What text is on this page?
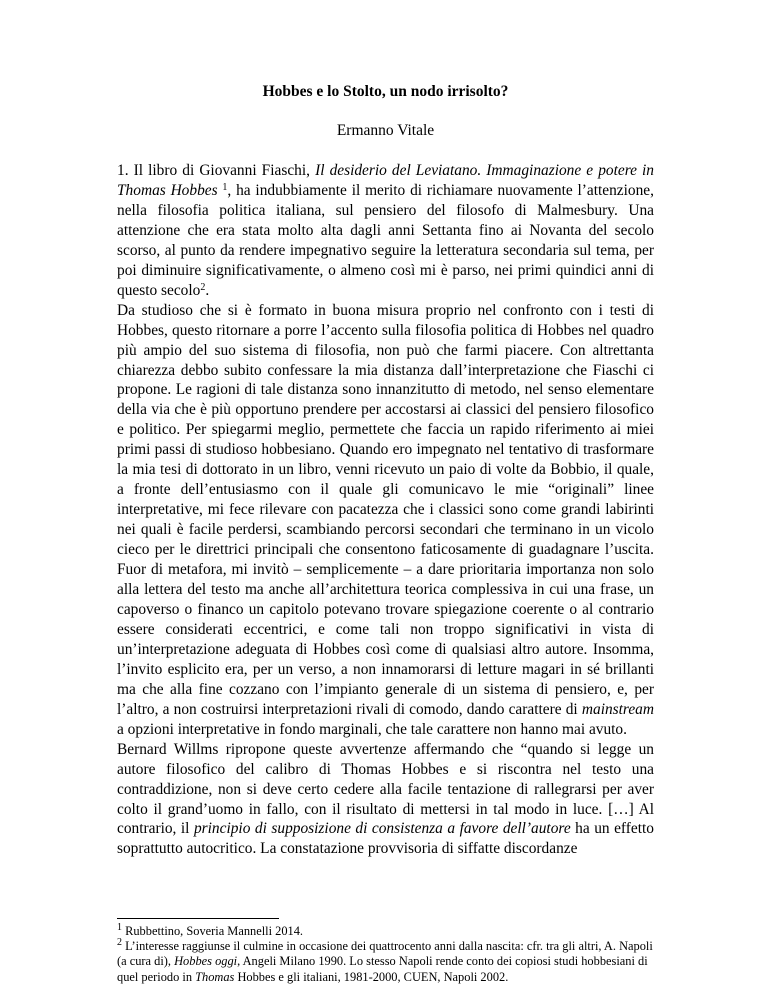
Hobbes e lo Stolto, un nodo irrisolto?
Ermanno Vitale

1. Il libro di Giovanni Fiaschi, Il desiderio del Leviatano. Immaginazione e potere in Thomas Hobbes $^1$, ha indubbiamente il merito di richiamare nuovamente l’attenzione, nella filosofia politica italiana, sul pensiero del filosofo di Malmesbury. Una attenzione che era stata molto alta dagli anni Settanta fino ai Novanta del secolo scorso, al punto da rendere impegnativo seguire la letteratura secondaria sul tema, per poi diminuire significativamente, o almeno così mi è parso, nei primi quindici anni di questo secolo$^2$.

Da studioso che si è formato in buona misura proprio nel confronto con i testi di Hobbes, questo ritornare a porre l’accento sulla filosofia politica di Hobbes nel quadro più ampio del suo sistema di filosofia, non può che farmi piacere. Con altrettanta chiarezza debbo subito confessare la mia distanza dall’interpretazione che Fiaschi ci propone. Le ragioni di tale distanza sono innanzitutto di metodo, nel senso elementare della via che è più opportuno prendere per accostarsi ai classici del pensiero filosofico e politico. Per spiegarmi meglio, permettete che faccia un rapido riferimento ai miei primi passi di studioso hobbesiano. Quando ero impegnato nel tentativo di trasformare la mia tesi di dottorato in un libro, venni ricevuto un paio di volte da Bobbio, il quale, a fronte dell’entusiasmo con il quale gli comunicavo le mie “originali” linee interpretative, mi fece rilevare con pacatezza che i classici sono come grandi labirinti nei quali è facile perdersi, scambiando percorsi secondari che terminano in un vicolo cieco per le direttrici principali che consentono faticosamente di guadagnare l’uscita. Fuor di metafora, mi invitò – semplicemente – a dare prioritaria importanza non solo alla lettera del testo ma anche all’architettura teorica complessiva in cui una frase, un capoverso o financo un capitolo potevano trovare spiegazione coerente o al contrario essere considerati eccentrici, e come tali non troppo significativi in vista di un’interpretazione adeguata di Hobbes così come di qualsiasi altro autore. Insomma, l’invito esplicito era, per un verso, a non innamorarsi di letture magari in sé brillanti ma che alla fine cozzano con l’impianto generale di un sistema di pensiero, e, per l’altro, a non costruirsi interpretazioni rivali di comodo, dando carattere di mainstream a opzioni interpretative in fondo marginali, che tale carattere non hanno mai avuto.

Bernard Willms ripropone queste avvertenze affermando che “quando si legge un autore filosofico del calibro di Thomas Hobbes e si riscontra nel testo una contraddizione, non si deve certo cedere alla facile tentazione di rallegrarsi per aver colto il grand’uomo in fallo, con il risultato di mettersi in tal modo in luce. […] Al contrario, il principio di supposizione di consistenza a favore dell’autore ha un effetto soprattutto autocritico. La constatazione provvisoria di siffatte discordanze

$^1$ Rubbettino, Soveria Mannelli 2014.

$^2$ L’interesse raggiunse il culmine in occasione dei quattrocento anni dalla nascita: cfr. tra gli altri, A. Napoli (a cura di), Hobbes oggi, Angeli Milano 1990. Lo stesso Napoli rende conto dei copiosi studi hobbesiani di quel periodo in Thomas Hobbes e gli italiani, 1981-2000, CUEN, Napoli 2002.
